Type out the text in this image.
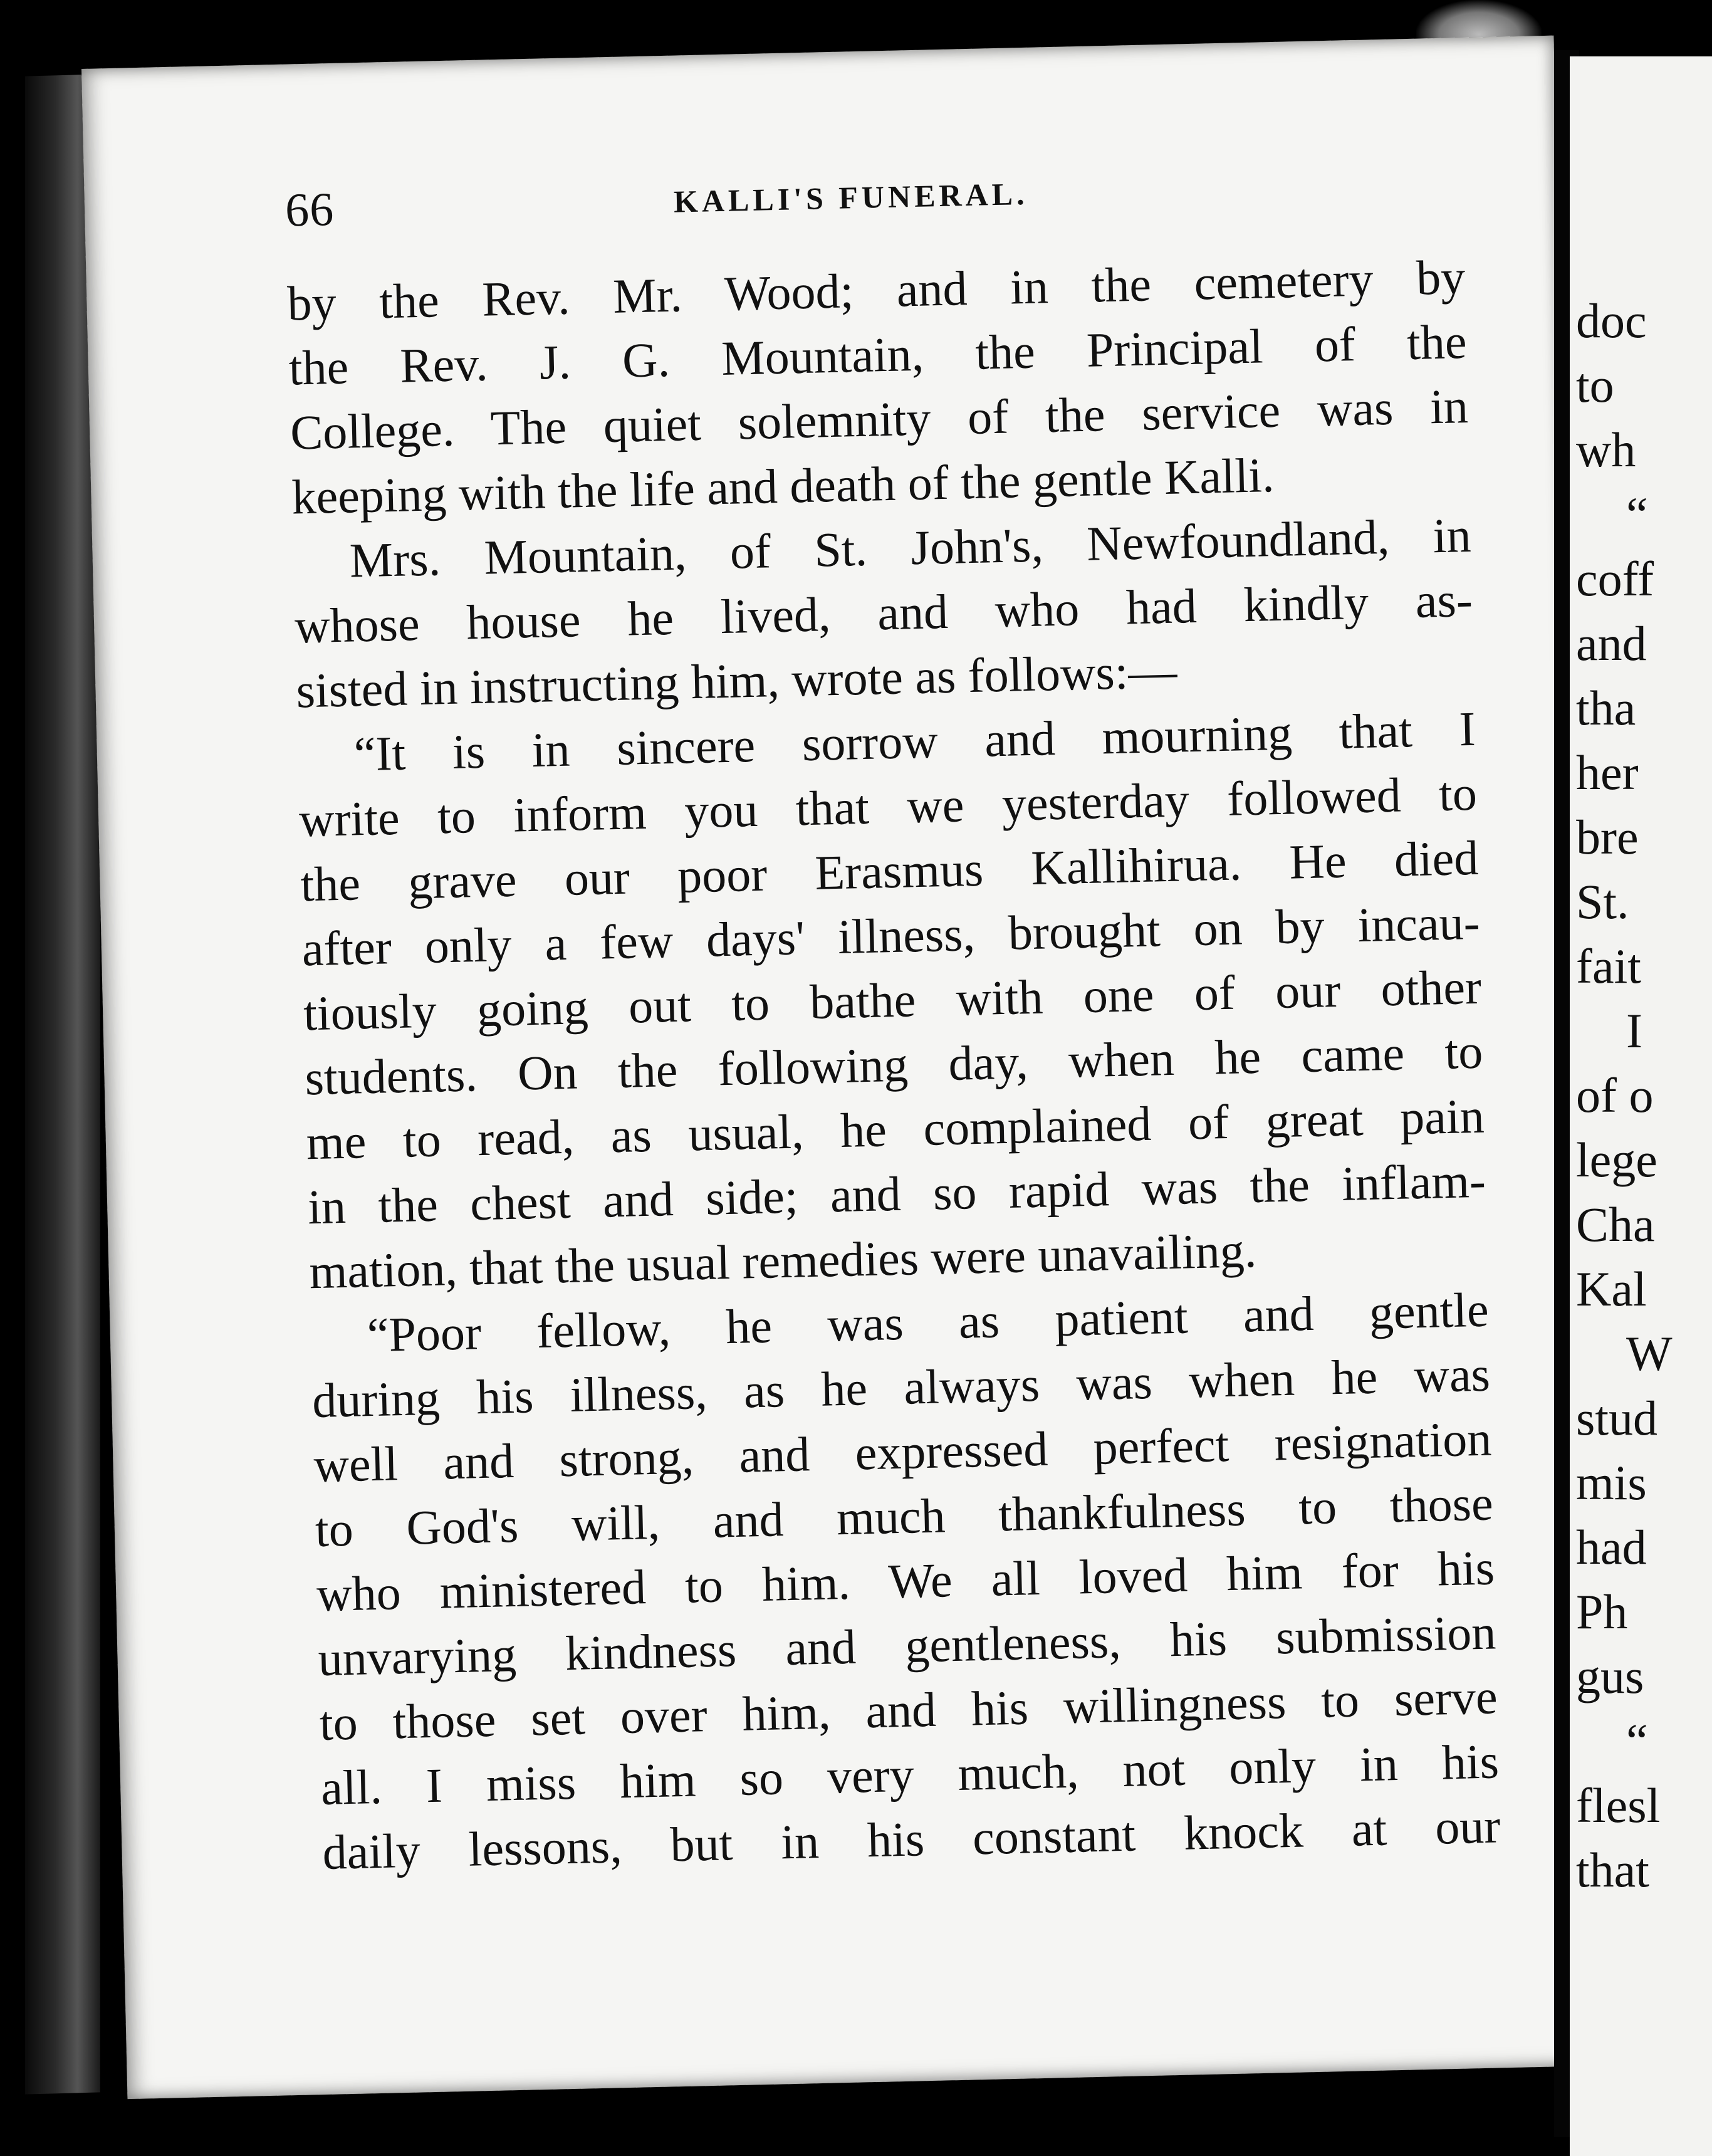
66	KALLI'S FUNERAL.
by the Rev. Mr. Wood; and in the cemetery by
the Rev. J. G. Mountain, the Principal of the
College. The quiet solemnity of the service was in
keeping with the life and death of the gentle Kalli.
Mrs. Mountain, of St. John's, Newfoundland, in
whose house he lived, and who had kindly as-
sisted in instructing him, wrote as follows:—
“It is in sincere sorrow and mourning that I
write to inform you that we yesterday followed to
the grave our poor Erasmus Kallihirua. He died
after only a few days' illness, brought on by incau-
tiously going out to bathe with one of our other
students. On the following day, when he came to
me to read, as usual, he complained of great pain
in the chest and side; and so rapid was the inflam-
mation, that the usual remedies were unavailing.
“Poor fellow, he was as patient and gentle
during his illness, as he always was when he was
well and strong, and expressed perfect resignation
to God's will, and much thankfulness to those
who ministered to him. We all loved him for his
unvarying kindness and gentleness, his submission
to those set over him, and his willingness to serve
all. I miss him so very much, not only in his
daily lessons, but in his constant knock at our
doc
to
wh
“
coff
and
tha
her
bre
St.
fait
I
of o
lege
Cha
Kal
W
stud
mis
had
Ph
gus
“
flesl
that
